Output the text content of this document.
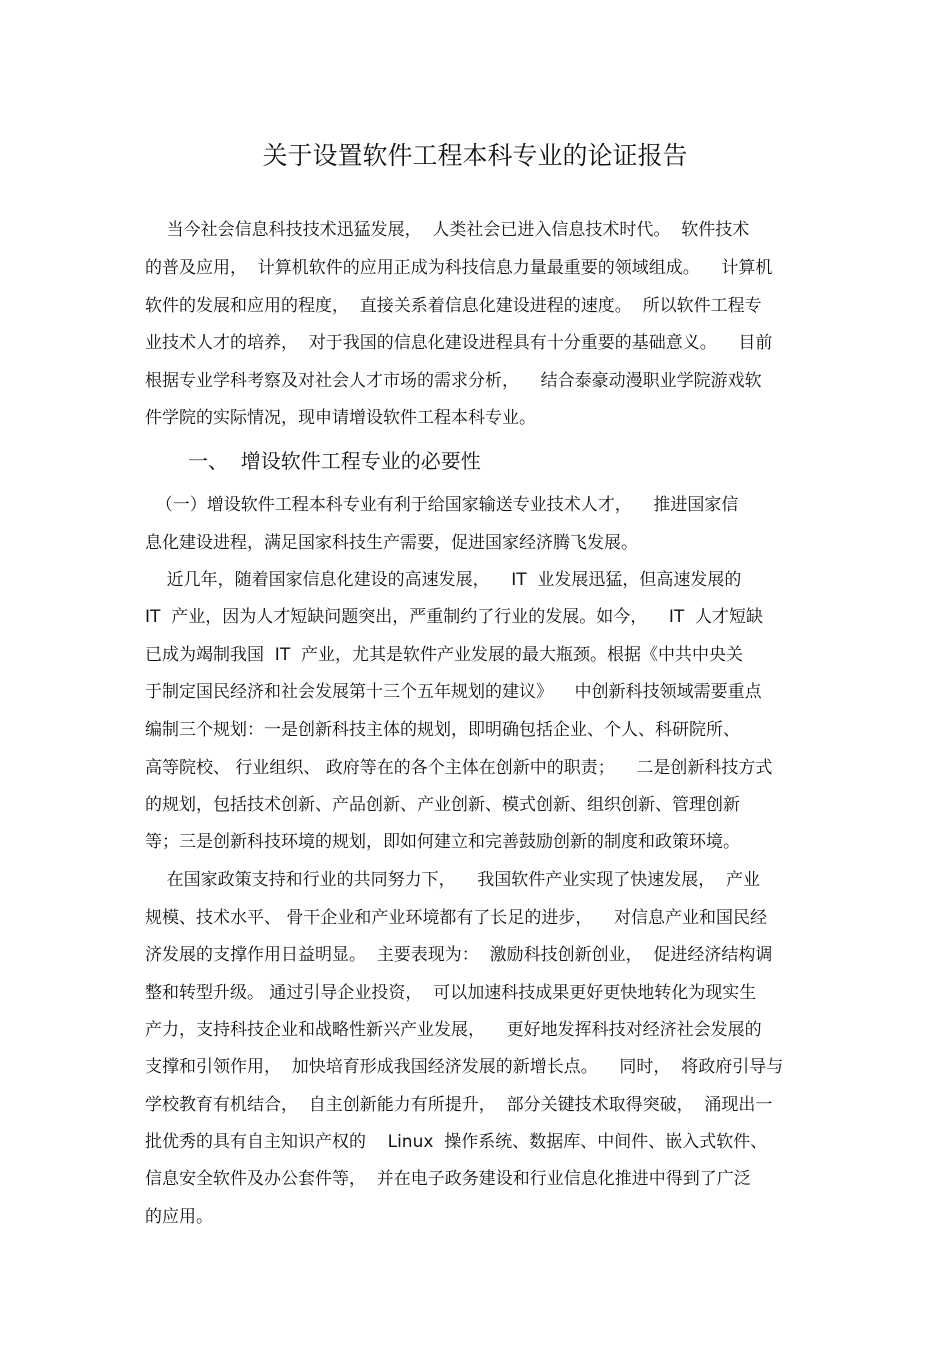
关于设置软件工程本科专业的论证报告
当今社会信息科技技术迅猛发展，  人类社会已进入信息技术时代。  软件技术
的普及应用，  计算机软件的应用正成为科技信息力量最重要的领域组成。    计算机
软件的发展和应用的程度，  直接关系着信息化建设进程的速度。  所以软件工程专
业技术人才的培养，  对于我国的信息化建设进程具有十分重要的基础意义。    目前
根据专业学科考察及对社会人才市场的需求分析，    结合泰豪动漫职业学院游戏软
件学院的实际情况，现申请增设软件工程本科专业。
一、  增设软件工程专业的必要性
（一）增设软件工程本科专业有利于给国家输送专业技术人才，    推进国家信
息化建设进程，满足国家科技生产需要，促进国家经济腾飞发展。
近几年，随着国家信息化建设的高速发展，    IT  业发展迅猛，但高速发展的
IT  产业，因为人才短缺问题突出，严重制约了行业的发展。如今，    IT  人才短缺
已成为竭制我国  IT  产业，尤其是软件产业发展的最大瓶颈。根据《中共中央关
于制定国民经济和社会发展第十三个五年规划的建议》    中创新科技领域需要重点
编制三个规划：一是创新科技主体的规划，即明确包括企业、个人、科研院所、
高等院校、 行业组织、 政府等在的各个主体在创新中的职责；    二是创新科技方式
的规划，包括技术创新、产品创新、产业创新、模式创新、组织创新、管理创新
等；三是创新科技环境的规划，即如何建立和完善鼓励创新的制度和政策环境。
在国家政策支持和行业的共同努力下，    我国软件产业实现了快速发展，  产业
规模、技术水平、 骨干企业和产业环境都有了长足的进步，    对信息产业和国民经
济发展的支撑作用日益明显。  主要表现为：  激励科技创新创业，  促进经济结构调
整和转型升级。 通过引导企业投资，  可以加速科技成果更好更快地转化为现实生
产力，支持科技企业和战略性新兴产业发展，    更好地发挥科技对经济社会发展的
支撑和引领作用，  加快培育形成我国经济发展的新增长点。    同时，  将政府引导与
学校教育有机结合，  自主创新能力有所提升，  部分关键技术取得突破，  涌现出一
批优秀的具有自主知识产权的    Linux  操作系统、数据库、中间件、嵌入式软件、
信息安全软件及办公套件等，  并在电子政务建设和行业信息化推进中得到了广泛
的应用。
